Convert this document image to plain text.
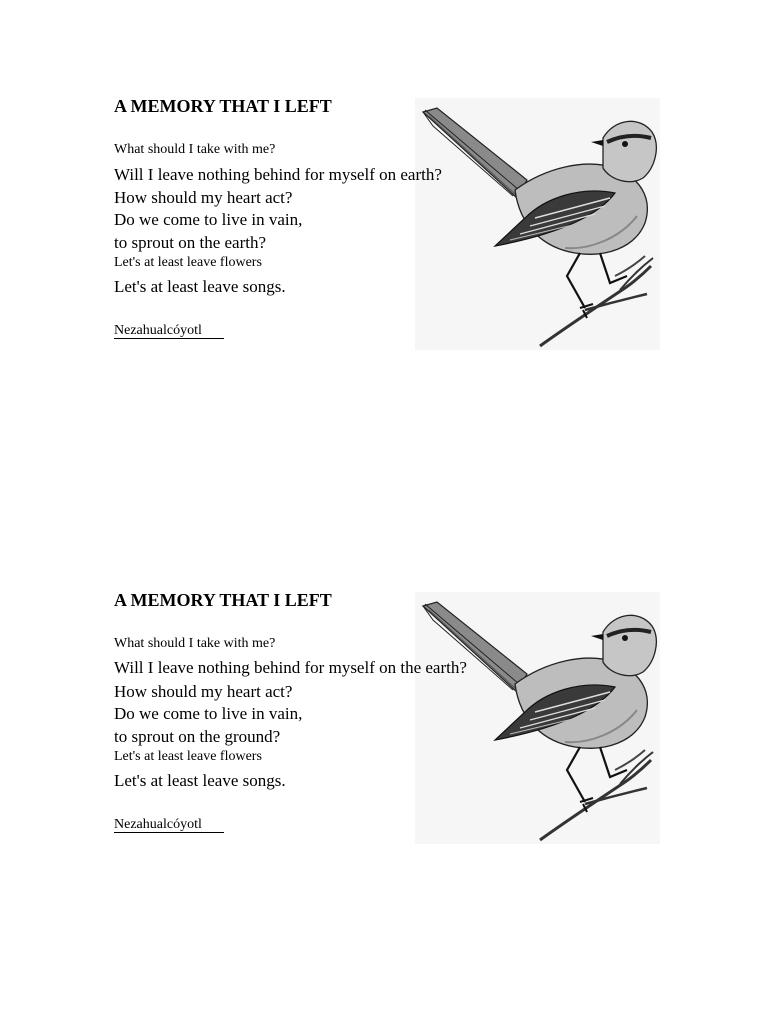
A MEMORY THAT I LEFT
What should I take with me?
Will I leave nothing behind for myself on earth?
How should my heart act?
Do we come to live in vain,
to sprout on the earth?
Let's at least leave flowers
Let's at least leave songs.
Nezahualcóyotl
A MEMORY THAT I LEFT
What should I take with me?
Will I leave nothing behind for myself on the earth?
How should my heart act?
Do we come to live in vain,
to sprout on the ground?
Let's at least leave flowers
Let's at least leave songs.
Nezahualcóyotl
